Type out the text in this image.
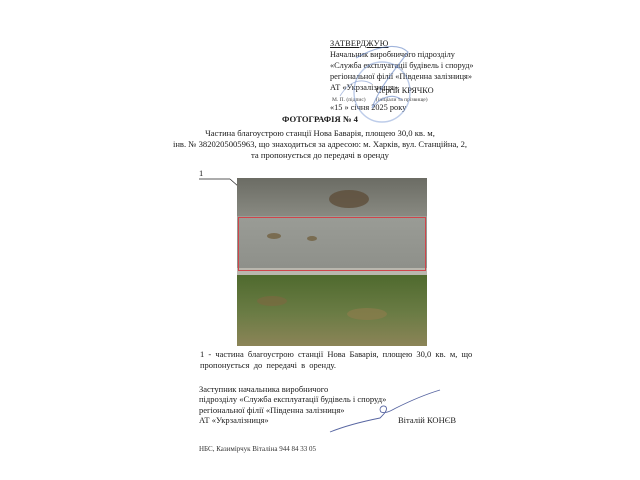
ЗАТВЕРДЖУЮ
Начальник виробничого підрозділу
«Служба експлуатації будівель і споруд»
регіональної філії «Південна залізниця»
АТ «Укрзалізниця»
Сергій КРЯЧКО
М. П. (підпис) (ініціали та прізвище)
«15 » січня 2025 року
ФОТОГРАФІЯ № 4
Частина благоустрою станції Нова Баварія, площею 30,0 кв. м,
інв. № 3820205005963, що знаходиться за адресою: м. Харків, вул. Станційна, 2,
та пропонується до передачі в оренду
1
1 - частина благоустрою станції Нова Баварія, площею 30,0 кв. м, що
пропонується до передачі в оренду.
Заступник начальника виробничого
підрозділу «Служба експлуатації будівель і споруд»
регіональної філії «Південна залізниця»
АТ «Укрзалізниця»	Віталій КОНЄВ
НБС, Казимірчук Віталіна 944 84 33 05
